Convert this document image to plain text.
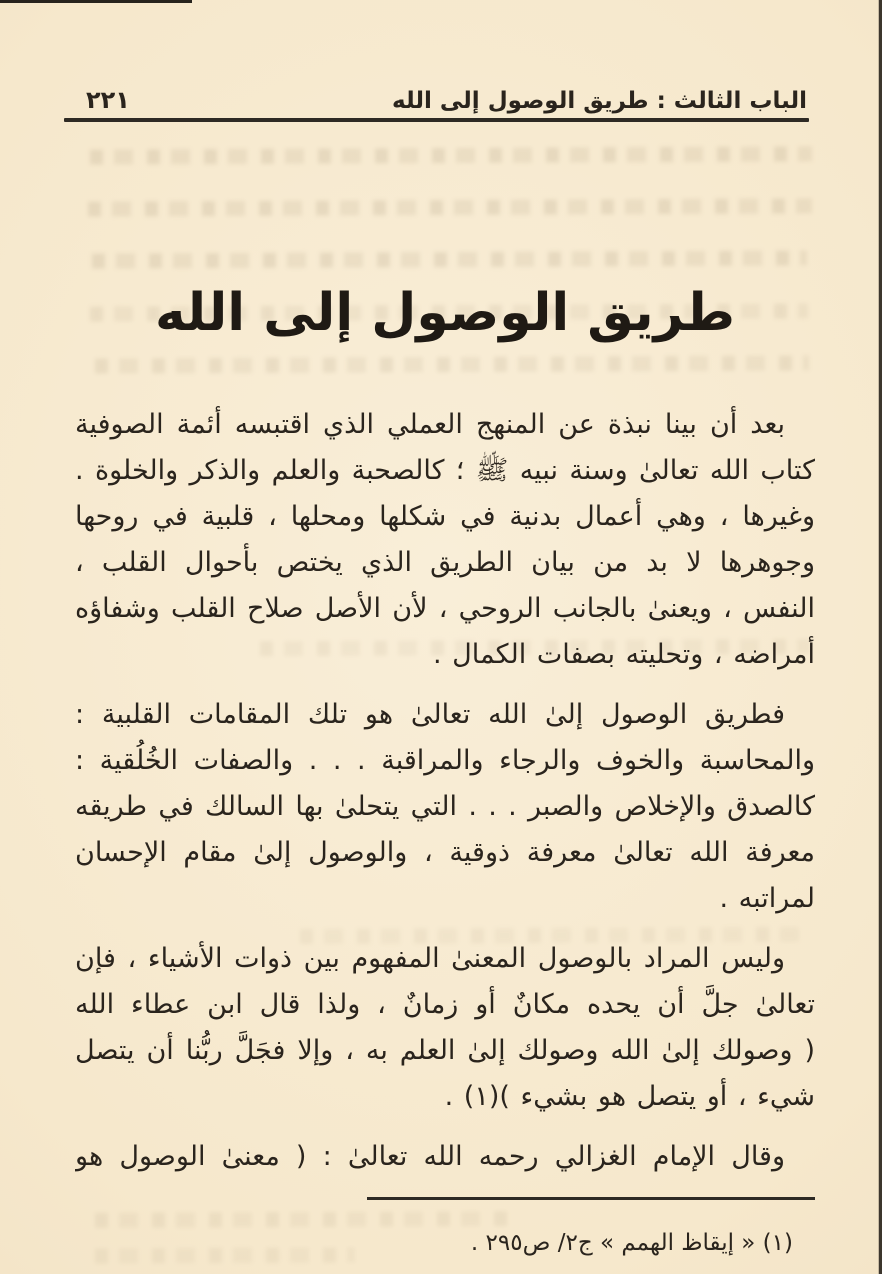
الباب الثالث : طريق الوصول إلى الله
٢٢١
طريق الوصول إلى الله
بعد أن بينا نبذة عن المنهج العملي الذي اقتبسه أئمة الصوفية
كتاب الله تعالىٰ وسنة نبيه ﷺ ؛ كالصحبة والعلم والذكر والخلوة .
وغيرها ، وهي أعمال بدنية في شكلها ومحلها ، قلبية في روحها
وجوهرها لا بد من بيان الطريق الذي يختص بأحوال القلب ،
النفس ، ويعنىٰ بالجانب الروحي ، لأن الأصل صلاح القلب وشفاؤه
أمراضه ، وتحليته بصفات الكمال .
فطريق الوصول إلىٰ الله تعالىٰ هو تلك المقامات القلبية :
والمحاسبة والخوف والرجاء والمراقبة . . . والصفات الخُلُقية :
كالصدق والإخلاص والصبر . . . التي يتحلىٰ بها السالك في طريقه
معرفة الله تعالىٰ معرفة ذوقية ، والوصول إلىٰ مقام الإحسان
لمراتبه .
وليس المراد بالوصول المعنىٰ المفهوم بين ذوات الأشياء ، فإن
تعالىٰ جلَّ أن يحده مكانٌ أو زمانٌ ، ولذا قال ابن عطاء الله
( وصولك إلىٰ الله وصولك إلىٰ العلم به ، وإلا فجَلَّ ربُّنا أن يتصل
شيء ، أو يتصل هو بشيء )(١) .
وقال الإمام الغزالي رحمه الله تعالىٰ : ( معنىٰ الوصول هو
(١) « إيقاظ الهمم » ج٢/ ص٢٩٥ .
